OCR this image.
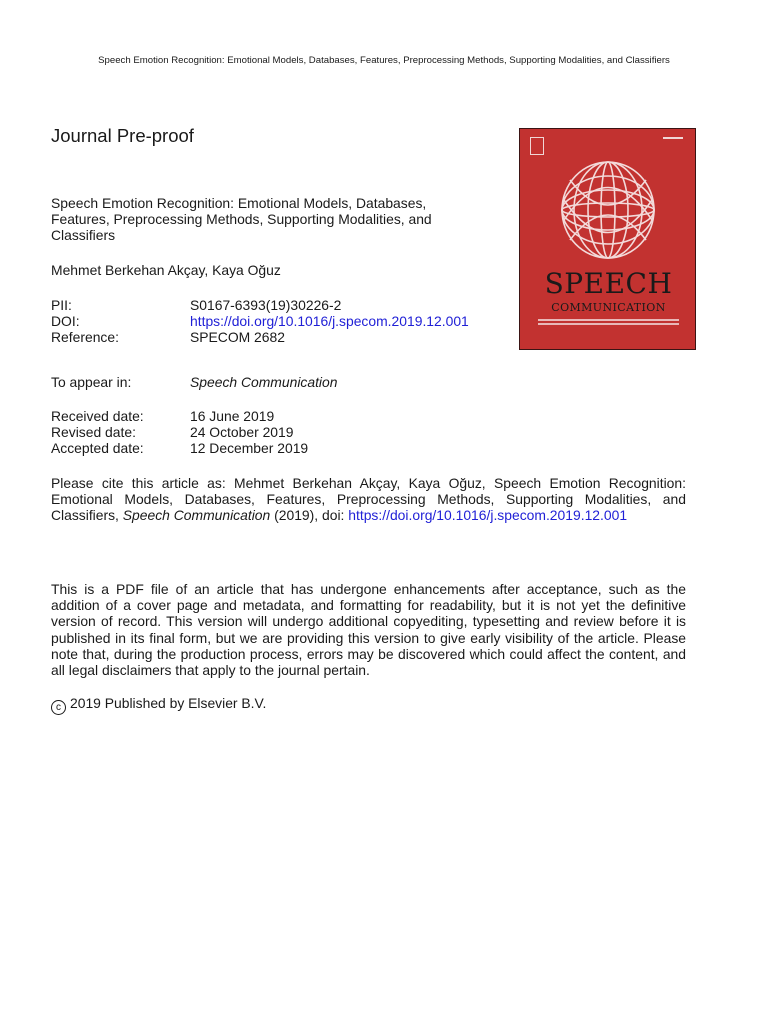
Speech Emotion Recognition: Emotional Models, Databases, Features, Preprocessing Methods, Supporting Modalities, and Classifiers
Journal Pre-proof
Speech Emotion Recognition: Emotional Models, Databases, Features, Preprocessing Methods, Supporting Modalities, and Classifiers
Mehmet Berkehan Akçay, Kaya Oğuz
PII:	S0167-6393(19)30226-2
DOI:	https://doi.org/10.1016/j.specom.2019.12.001
Reference:	SPECOM 2682
To appear in:	Speech Communication
Received date:	16 June 2019
Revised date:	24 October 2019
Accepted date:	12 December 2019
Please cite this article as: Mehmet Berkehan Akçay, Kaya Oğuz, Speech Emotion Recognition: Emotional Models, Databases, Features, Preprocessing Methods, Supporting Modalities, and Classifiers, Speech Communication (2019), doi: https://doi.org/10.1016/j.specom.2019.12.001
This is a PDF file of an article that has undergone enhancements after acceptance, such as the addition of a cover page and metadata, and formatting for readability, but it is not yet the definitive version of record. This version will undergo additional copyediting, typesetting and review before it is published in its final form, but we are providing this version to give early visibility of the article. Please note that, during the production process, errors may be discovered which could affect the content, and all legal disclaimers that apply to the journal pertain.
c 2019 Published by Elsevier B.V.
SPEECH
COMMUNICATION
